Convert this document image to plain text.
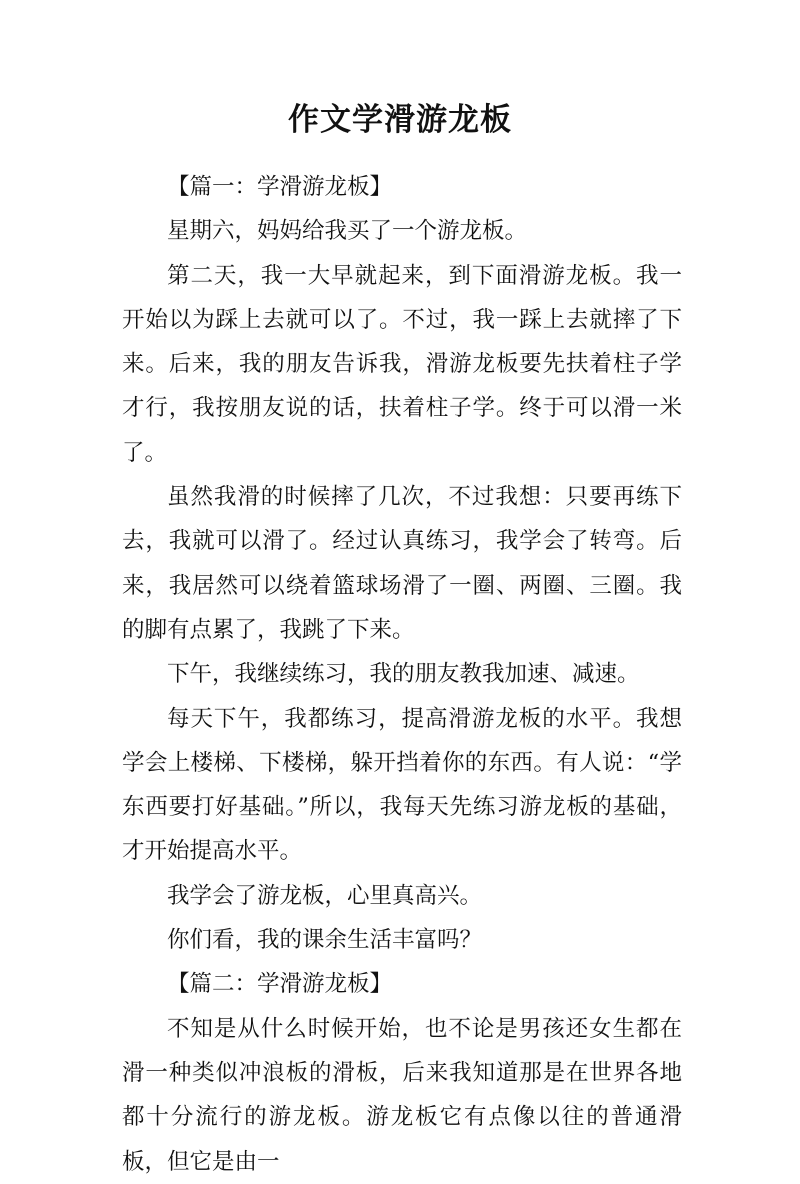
作文学滑游龙板

【篇一：学滑游龙板】

星期六，妈妈给我买了一个游龙板。

第二天，我一大早就起来，到下面滑游龙板。我一开始以为踩上去就可以了。不过，我一踩上去就摔了下来。后来，我的朋友告诉我，滑游龙板要先扶着柱子学才行，我按朋友说的话，扶着柱子学。终于可以滑一米了。

虽然我滑的时候摔了几次，不过我想：只要再练下去，我就可以滑了。经过认真练习，我学会了转弯。后来，我居然可以绕着篮球场滑了一圈、两圈、三圈。我的脚有点累了，我跳了下来。

下午，我继续练习，我的朋友教我加速、减速。

每天下午，我都练习，提高滑游龙板的水平。我想学会上楼梯、下楼梯，躲开挡着你的东西。有人说：“学东西要打好基础。”所以，我每天先练习游龙板的基础，才开始提高水平。

我学会了游龙板，心里真高兴。

你们看，我的课余生活丰富吗？

【篇二：学滑游龙板】

不知是从什么时候开始，也不论是男孩还女生都在滑一种类似冲浪板的滑板，后来我知道那是在世界各地都十分流行的游龙板。游龙板它有点像以往的普通滑板，但它是由一
